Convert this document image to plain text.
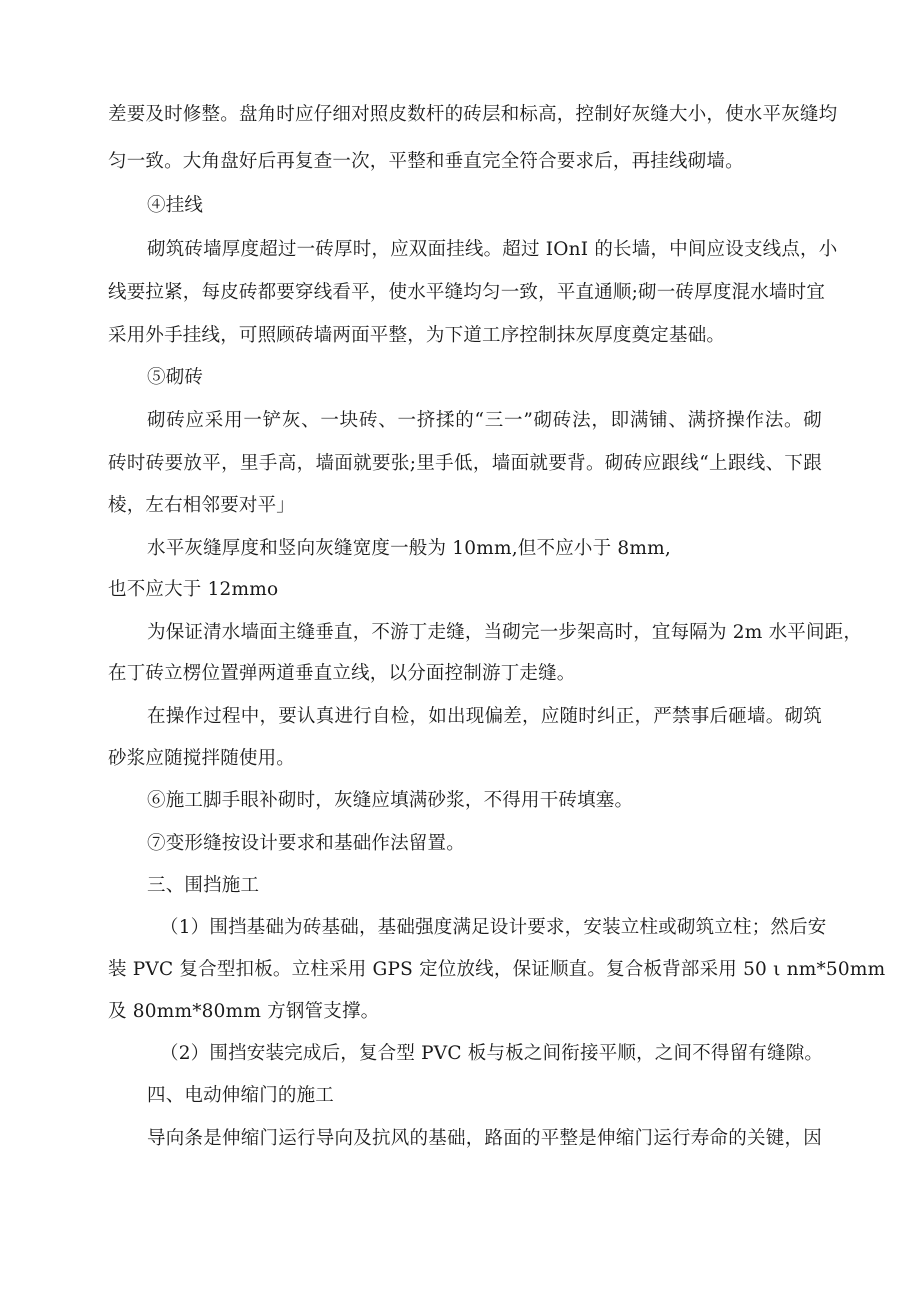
差要及时修整。盘角时应仔细对照皮数杆的砖层和标高，控制好灰缝大小，使水平灰缝均
匀一致。大角盘好后再复查一次，平整和垂直完全符合要求后，再挂线砌墙。
④挂线
砌筑砖墙厚度超过一砖厚时，应双面挂线。超过 IOnI 的长墙，中间应设支线点，小
线要拉紧，每皮砖都要穿线看平，使水平缝均匀一致，平直通顺;砌一砖厚度混水墙时宜
采用外手挂线，可照顾砖墙两面平整，为下道工序控制抹灰厚度奠定基础。
⑤砌砖
砌砖应采用一铲灰、一块砖、一挤揉的“三一”砌砖法，即满铺、满挤操作法。砌
砖时砖要放平，里手高，墙面就要张;里手低，墙面就要背。砌砖应跟线“上跟线、下跟
棱，左右相邻要对平｣
水平灰缝厚度和竖向灰缝宽度一般为 10mm,但不应小于 8mm,
也不应大于 12mmo
为保证清水墙面主缝垂直，不游丁走缝，当砌完一步架高时，宜每隔为 2m 水平间距，
在丁砖立楞位置弹两道垂直立线，以分面控制游丁走缝。
在操作过程中，要认真进行自检，如出现偏差，应随时纠正，严禁事后砸墙。砌筑
砂浆应随搅拌随使用。
⑥施工脚手眼补砌时，灰缝应填满砂浆，不得用干砖填塞。
⑦变形缝按设计要求和基础作法留置。
三、围挡施工
（1）围挡基础为砖基础，基础强度满足设计要求，安装立柱或砌筑立柱；然后安
装 PVC 复合型扣板。立柱采用 GPS 定位放线，保证顺直。复合板背部采用 50 ι nm*50mm
及 80mm*80mm 方钢管支撑。
（2）围挡安装完成后，复合型 PVC 板与板之间衔接平顺，之间不得留有缝隙。
四、电动伸缩门的施工
导向条是伸缩门运行导向及抗风的基础，路面的平整是伸缩门运行寿命的关键，因
